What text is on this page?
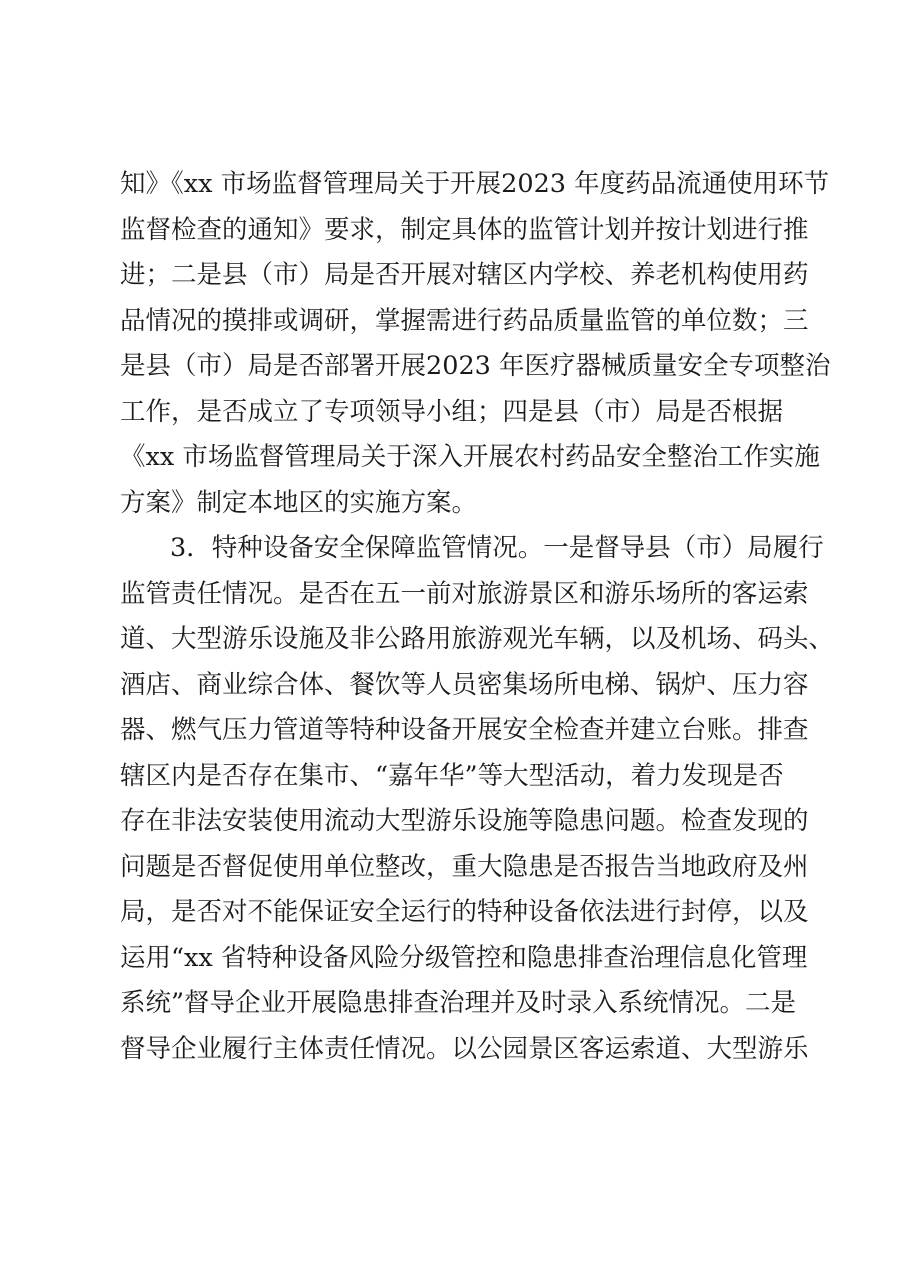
知》《xx 市场监督管理局关于开展2023 年度药品流通使用环节
监督检查的通知》要求，制定具体的监管计划并按计划进行推
进；二是县（市）局是否开展对辖区内学校、养老机构使用药
品情况的摸排或调研，掌握需进行药品质量监管的单位数；三
是县（市）局是否部署开展2023 年医疗器械质量安全专项整治
工作，是否成立了专项领导小组；四是县（市）局是否根据
《xx 市场监督管理局关于深入开展农村药品安全整治工作实施
方案》制定本地区的实施方案。
3．特种设备安全保障监管情况。一是督导县（市）局履行
监管责任情况。是否在五一前对旅游景区和游乐场所的客运索
道、大型游乐设施及非公路用旅游观光车辆，以及机场、码头、
酒店、商业综合体、餐饮等人员密集场所电梯、锅炉、压力容
器、燃气压力管道等特种设备开展安全检查并建立台账。排查
辖区内是否存在集市、“嘉年华”等大型活动，着力发现是否
存在非法安装使用流动大型游乐设施等隐患问题。检查发现的
问题是否督促使用单位整改，重大隐患是否报告当地政府及州
局，是否对不能保证安全运行的特种设备依法进行封停，以及
运用“xx 省特种设备风险分级管控和隐患排查治理信息化管理
系统”督导企业开展隐患排查治理并及时录入系统情况。二是
督导企业履行主体责任情况。以公园景区客运索道、大型游乐
